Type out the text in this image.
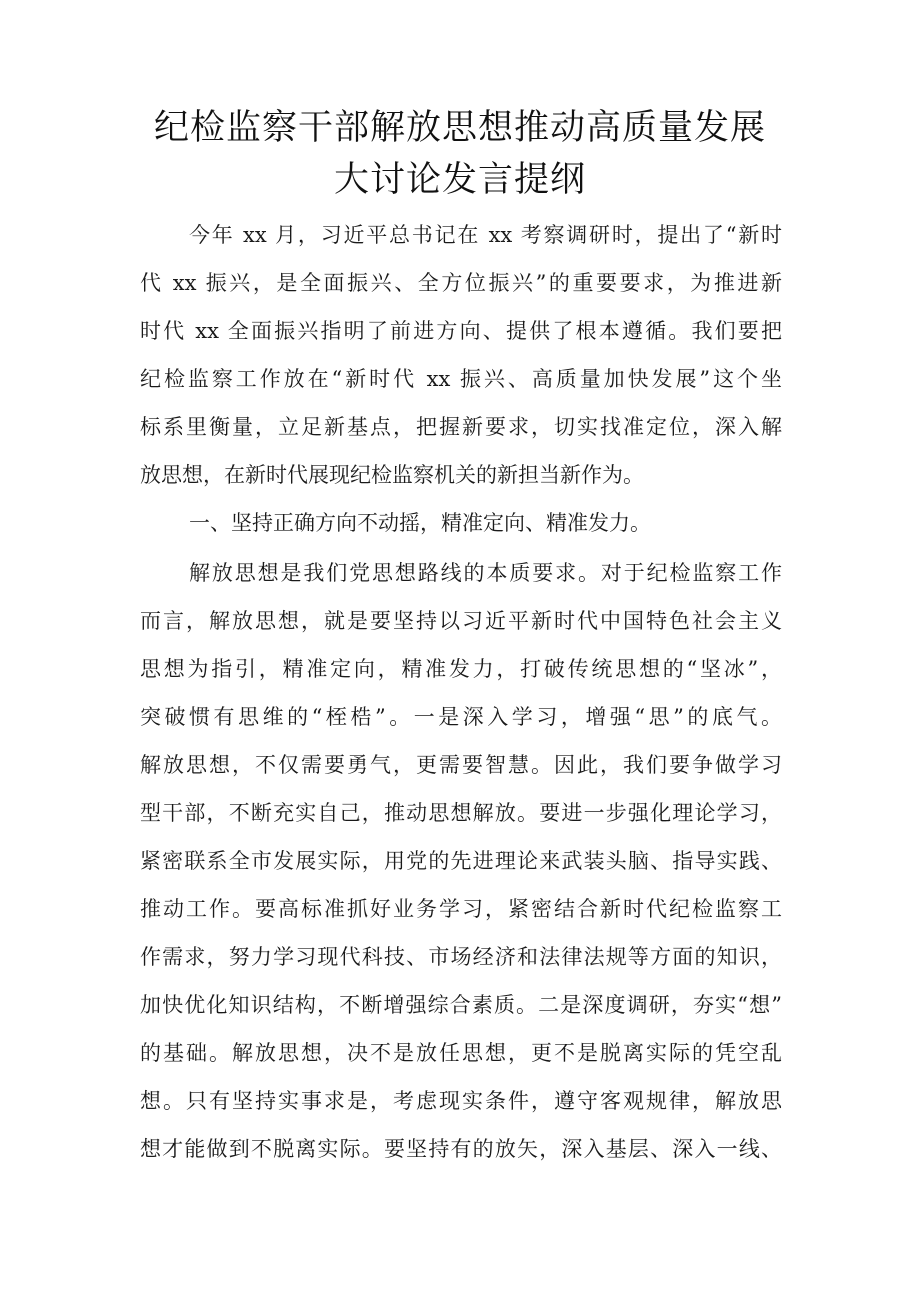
纪检监察干部解放思想推动高质量发展
大讨论发言提纲

今年 xx 月，习近平总书记在 xx 考察调研时，提出了“新时

代 xx 振兴，是全面振兴、全方位振兴”的重要要求，为推进新

时代 xx 全面振兴指明了前进方向、提供了根本遵循。我们要把

纪检监察工作放在“新时代 xx 振兴、高质量加快发展”这个坐

标系里衡量，立足新基点，把握新要求，切实找准定位，深入解

放思想，在新时代展现纪检监察机关的新担当新作为。

一、坚持正确方向不动摇，精准定向、精准发力。

解放思想是我们党思想路线的本质要求。对于纪检监察工作

而言，解放思想，就是要坚持以习近平新时代中国特色社会主义

思想为指引，精准定向，精准发力，打破传统思想的“坚冰”，

突破惯有思维的“桎梏”。一是深入学习，增强“思”的底气。

解放思想，不仅需要勇气，更需要智慧。因此，我们要争做学习

型干部，不断充实自己，推动思想解放。要进一步强化理论学习，

紧密联系全市发展实际，用党的先进理论来武装头脑、指导实践、

推动工作。要高标准抓好业务学习，紧密结合新时代纪检监察工

作需求，努力学习现代科技、市场经济和法律法规等方面的知识，

加快优化知识结构，不断增强综合素质。二是深度调研，夯实“想”

的基础。解放思想，决不是放任思想，更不是脱离实际的凭空乱

想。只有坚持实事求是，考虑现实条件，遵守客观规律，解放思

想才能做到不脱离实际。要坚持有的放矢，深入基层、深入一线、
